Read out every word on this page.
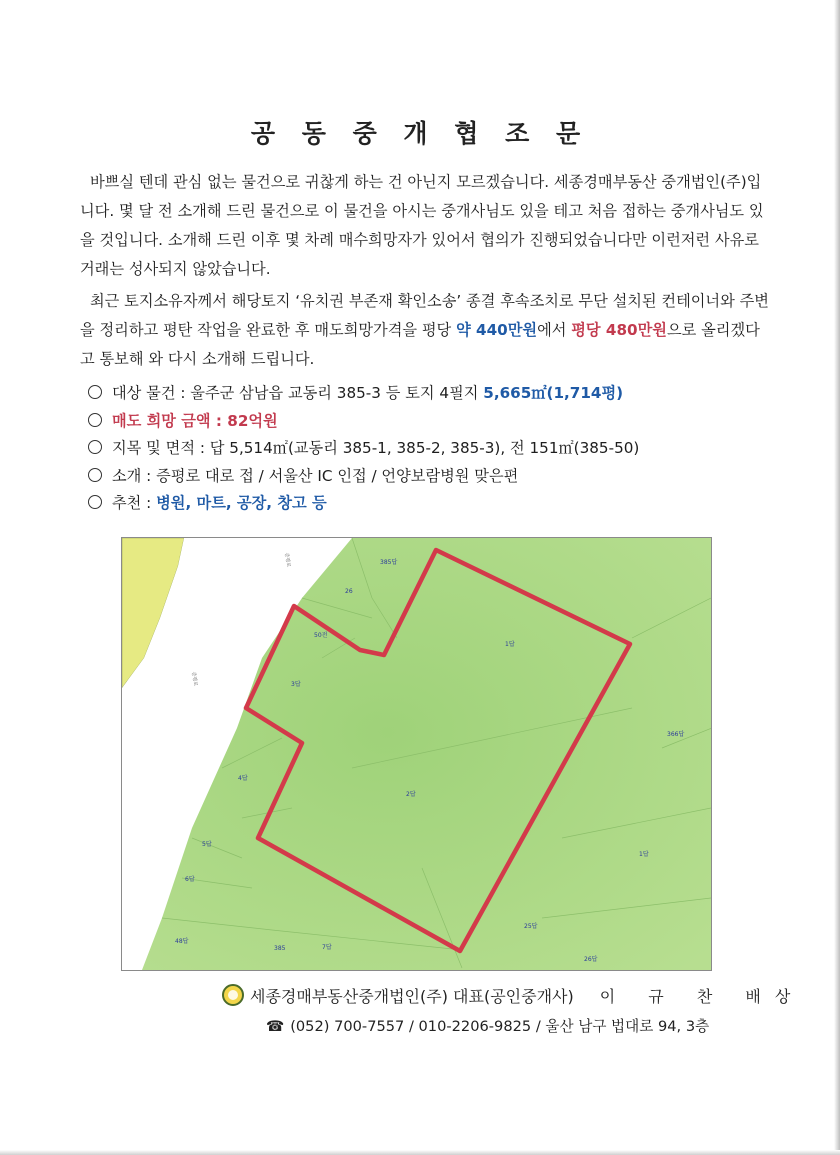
공 동 중 개 협 조 문
바쁘실 텐데 관심 없는 물건으로 귀찮게 하는 건 아닌지 모르겠습니다. 세종경매부동산 중개법인(주)입니다. 몇 달 전 소개해 드린 물건으로 이 물건을 아시는 중개사님도 있을 테고 처음 접하는 중개사님도 있을 것입니다. 소개해 드린 이후 몇 차례 매수희망자가 있어서 협의가 진행되었습니다만 이런저런 사유로 거래는 성사되지 않았습니다.
최근 토지소유자께서 해당토지 ‘유치권 부존재 확인소송’ 종결 후속조치로 무단 설치된 컨테이너와 주변을 정리하고 평탄 작업을 완료한 후 매도희망가격을 평당 약 440만원에서 평당 480만원으로 올리겠다고 통보해 와 다시 소개해 드립니다.
대상 물건 : 울주군 삼남읍 교동리 385-3 등 토지 4필지 5,665㎡(1,714평)
매도 희망 금액 : 82억원
지목 및 면적 : 답 5,514㎡(교동리 385-1, 385-2, 385-3), 전 151㎡(385-50)
소개 : 증평로 대로 접 / 서울산 IC 인접 / 언양보람병원 맞은편
추천 : 병원, 마트, 공장, 창고 등
385답
26
50전
1답
3답
366답
4답
2답
5답
6답
1답
25답
48답
385	7답
26답
증평로
증평로
세종경매부동산중개법인(주) 대표(공인중개사) 이 규 찬 배상
☎ (052) 700-7557 / 010-2206-9825 / 울산 남구 법대로 94, 3층
